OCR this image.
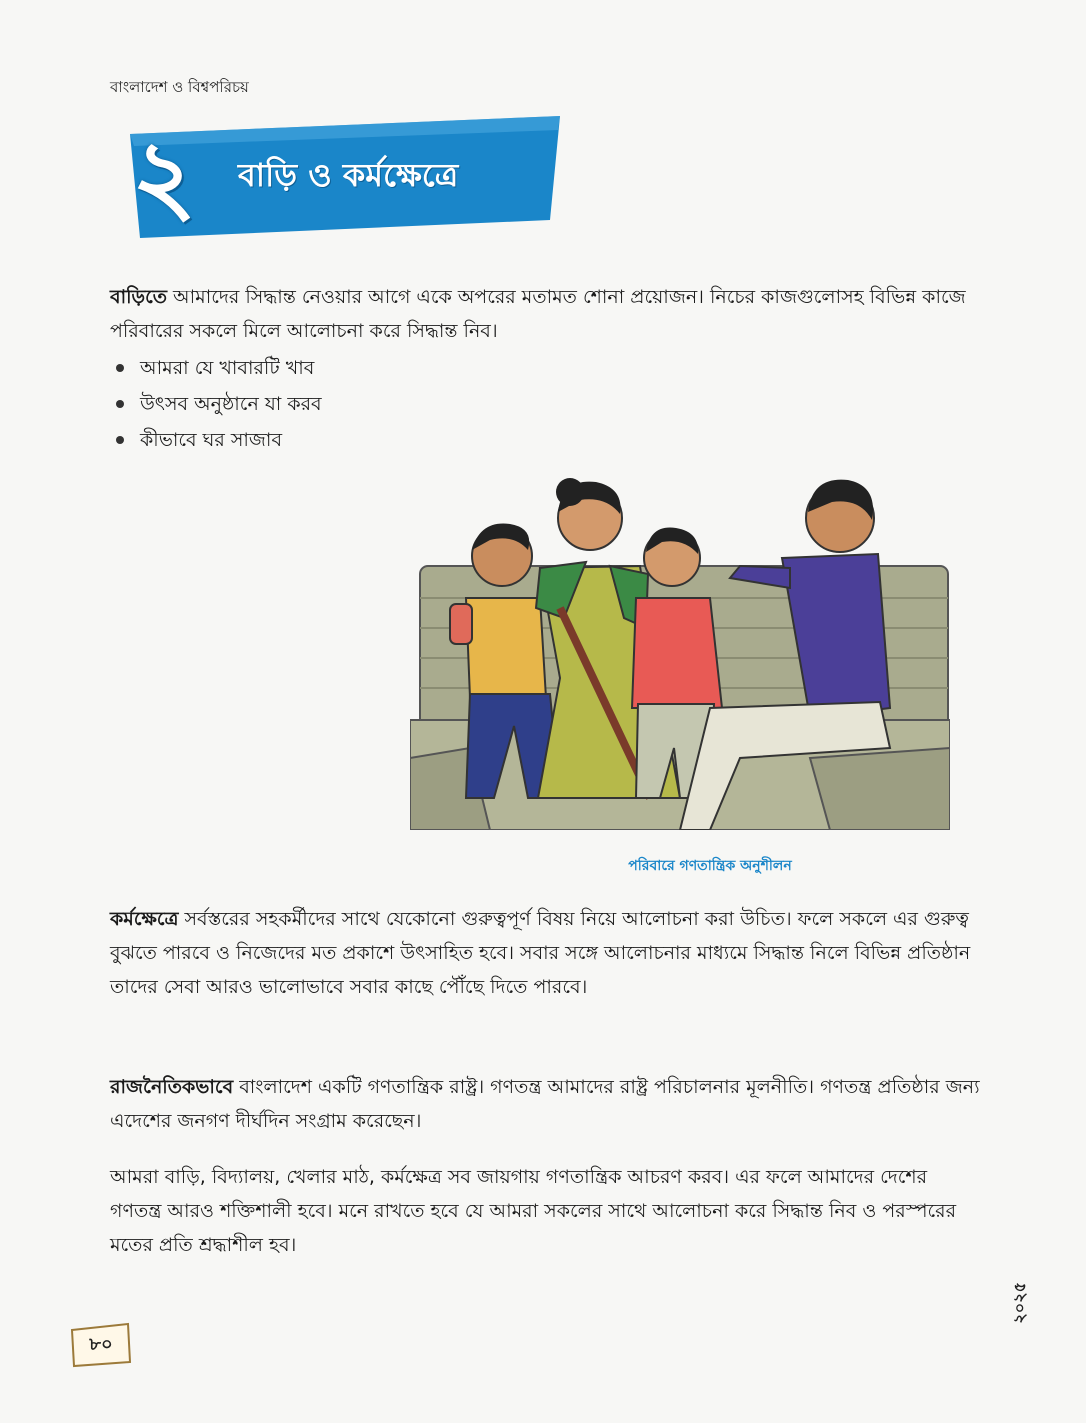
বাংলাদেশ ও বিশ্বপরিচয়
২	বাড়ি ও কর্মক্ষেত্রে

বাড়িতে আমাদের সিদ্ধান্ত নেওয়ার আগে একে অপরের মতামত শোনা প্রয়োজন। নিচের কাজগুলোসহ বিভিন্ন কাজে পরিবারের সকলে মিলে আলোচনা করে সিদ্ধান্ত নিব।

আমরা যে খাবারটি খাব
উৎসব অনুষ্ঠানে যা করব
কীভাবে ঘর সাজাব
পরিবারে গণতান্ত্রিক অনুশীলন

কর্মক্ষেত্রে সর্বস্তরের সহকর্মীদের সাথে যেকোনো গুরুত্বপূর্ণ বিষয় নিয়ে আলোচনা করা উচিত। ফলে সকলে এর গুরুত্ব বুঝতে পারবে ও নিজেদের মত প্রকাশে উৎসাহিত হবে। সবার সঙ্গে আলোচনার মাধ্যমে সিদ্ধান্ত নিলে বিভিন্ন প্রতিষ্ঠান তাদের সেবা আরও ভালোভাবে সবার কাছে পৌঁছে দিতে পারবে।

রাজনৈতিকভাবে বাংলাদেশ একটি গণতান্ত্রিক রাষ্ট্র। গণতন্ত্র আমাদের রাষ্ট্র পরিচালনার মূলনীতি। গণতন্ত্র প্রতিষ্ঠার জন্য এদেশের জনগণ দীর্ঘদিন সংগ্রাম করেছেন।

আমরা বাড়ি, বিদ্যালয়, খেলার মাঠ, কর্মক্ষেত্র সব জায়গায় গণতান্ত্রিক আচরণ করব। এর ফলে আমাদের দেশের গণতন্ত্র আরও শক্তিশালী হবে। মনে রাখতে হবে যে আমরা সকলের সাথে আলোচনা করে সিদ্ধান্ত নিব ও পরস্পরের মতের প্রতি শ্রদ্ধাশীল হব।

৮০
২০২৫
